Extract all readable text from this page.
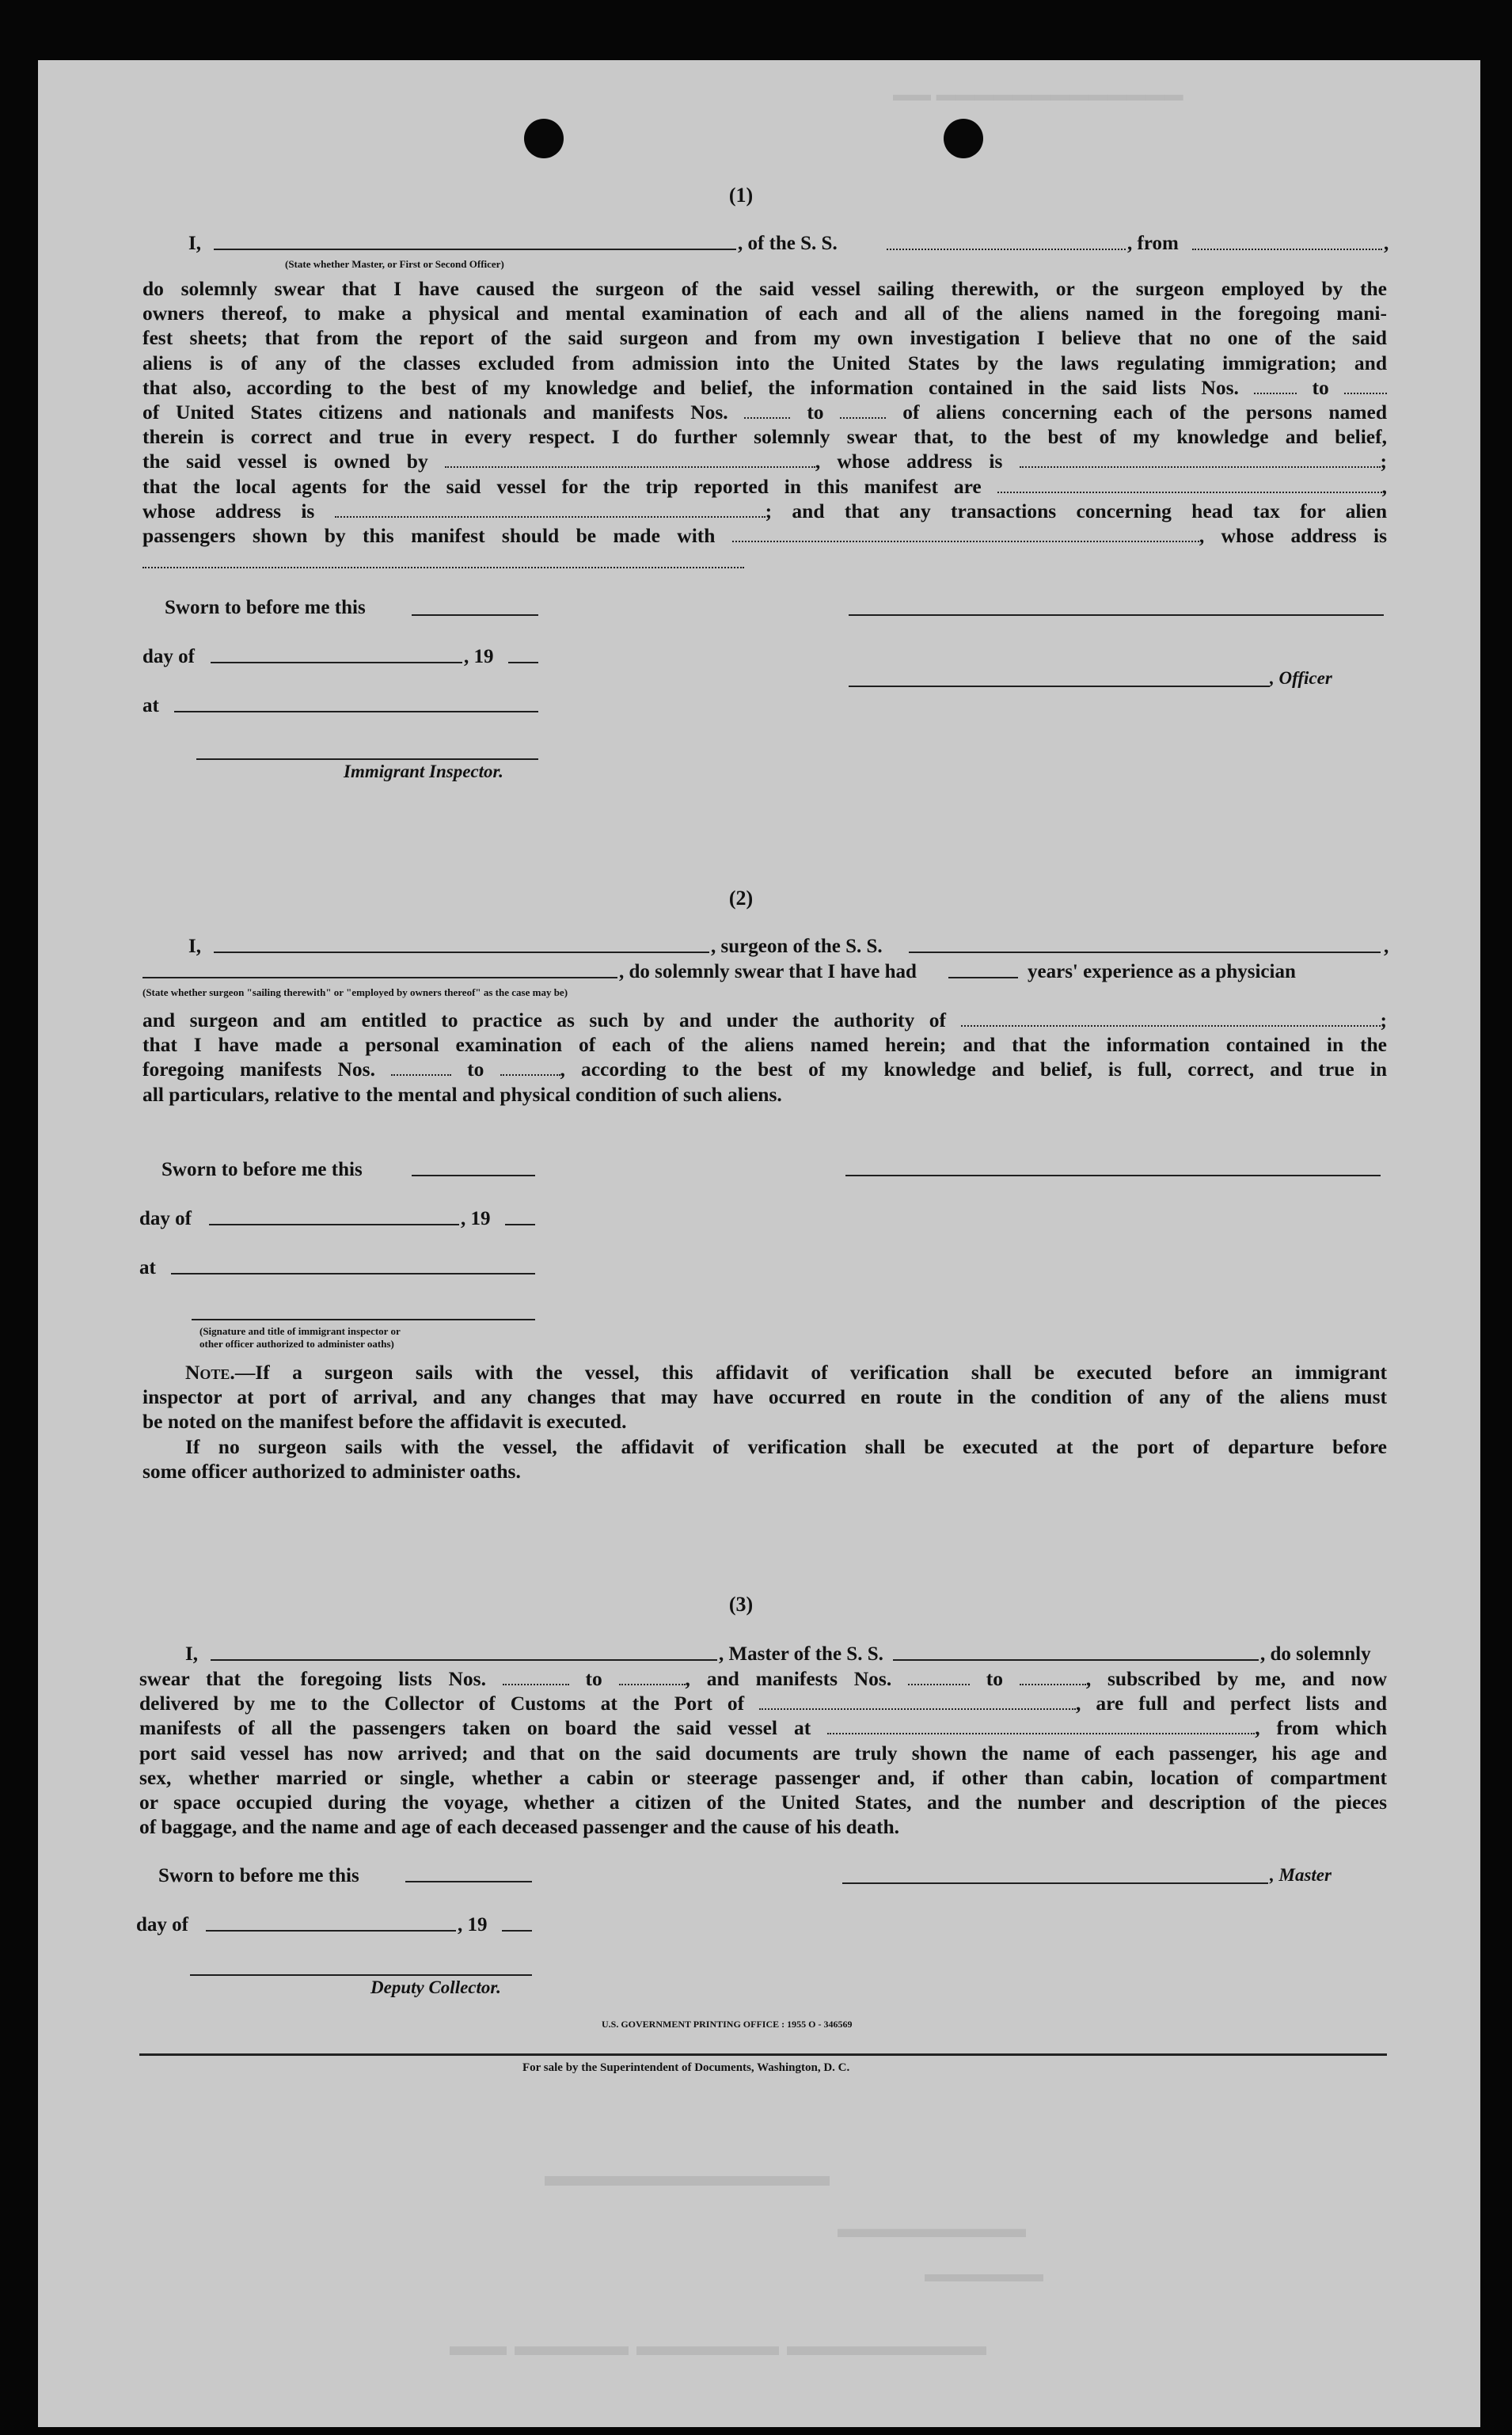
▬▬ ▬▬▬▬▬▬▬▬▬▬▬▬▬
(1)
I,
(State whether Master, or First or Second Officer)
, of the S. S.	, from	,
do solemnly swear that I have caused the surgeon of the said vessel sailing therewith, or the surgeon employed by the
owners thereof, to make a physical and mental examination of each and all of the aliens named in the foregoing mani-
fest sheets; that from the report of the said surgeon and from my own investigation I believe that no one of the said
aliens is of any of the classes excluded from admission into the United States by the laws regulating immigration; and
that also, according to the best of my knowledge and belief, the information contained in the said lists Nos.	to
of United States citizens and nationals and manifests Nos.	to	of aliens concerning each of the persons named
therein is correct and true in every respect. I do further solemnly swear that, to the best of my knowledge and belief,
the said vessel is owned by	, whose address is	;
that the local agents for the said vessel for the trip reported in this manifest are	,
whose address is	; and that any transactions concerning head tax for alien
passengers shown by this manifest should be made with	, whose address is
Sworn to before me this
day of	, 19
, Officer
at
Immigrant Inspector.
(2)
I,	, surgeon of the S. S.	,
, do solemnly swear that I have had	years' experience as a physician
(State whether surgeon "sailing therewith" or "employed by owners thereof" as the case may be)
and surgeon and am entitled to practice as such by and under the authority of	;
that I have made a personal examination of each of the aliens named herein; and that the information contained in the
foregoing manifests Nos.	to	, according to the best of my knowledge and belief, is full, correct, and true in
all particulars, relative to the mental and physical condition of such aliens.
Sworn to before me this
day of	, 19
at
(Signature and title of immigrant inspector or
other officer authorized to administer oaths)
Note.—If a surgeon sails with the vessel, this affidavit of verification shall be executed before an immigrant
inspector at port of arrival, and any changes that may have occurred en route in the condition of any of the aliens must
be noted on the manifest before the affidavit is executed.
If no surgeon sails with the vessel, the affidavit of verification shall be executed at the port of departure before
some officer authorized to administer oaths.
(3)
I,	, Master of the S. S.	, do solemnly
swear that the foregoing lists Nos.	to	, and manifests Nos.	to	, subscribed by me, and now
delivered by me to the Collector of Customs at the Port of	, are full and perfect lists and
manifests of all the passengers taken on board the said vessel at	, from which
port said vessel has now arrived; and that on the said documents are truly shown the name of each passenger, his age and
sex, whether married or single, whether a cabin or steerage passenger and, if other than cabin, location of compartment
or space occupied during the voyage, whether a citizen of the United States, and the number and description of the pieces
of baggage, and the name and age of each deceased passenger and the cause of his death.
Sworn to before me this	, Master
day of	, 19
Deputy Collector.
U.S. GOVERNMENT PRINTING OFFICE : 1955 O - 346569
For sale by the Superintendent of Documents, Washington, D. C.
▬▬▬▬▬▬▬▬▬
▬▬▬▬▬▬▬
▬▬▬▬▬
▬▬ ▬▬▬▬ ▬▬▬▬▬ ▬▬▬▬▬▬▬
